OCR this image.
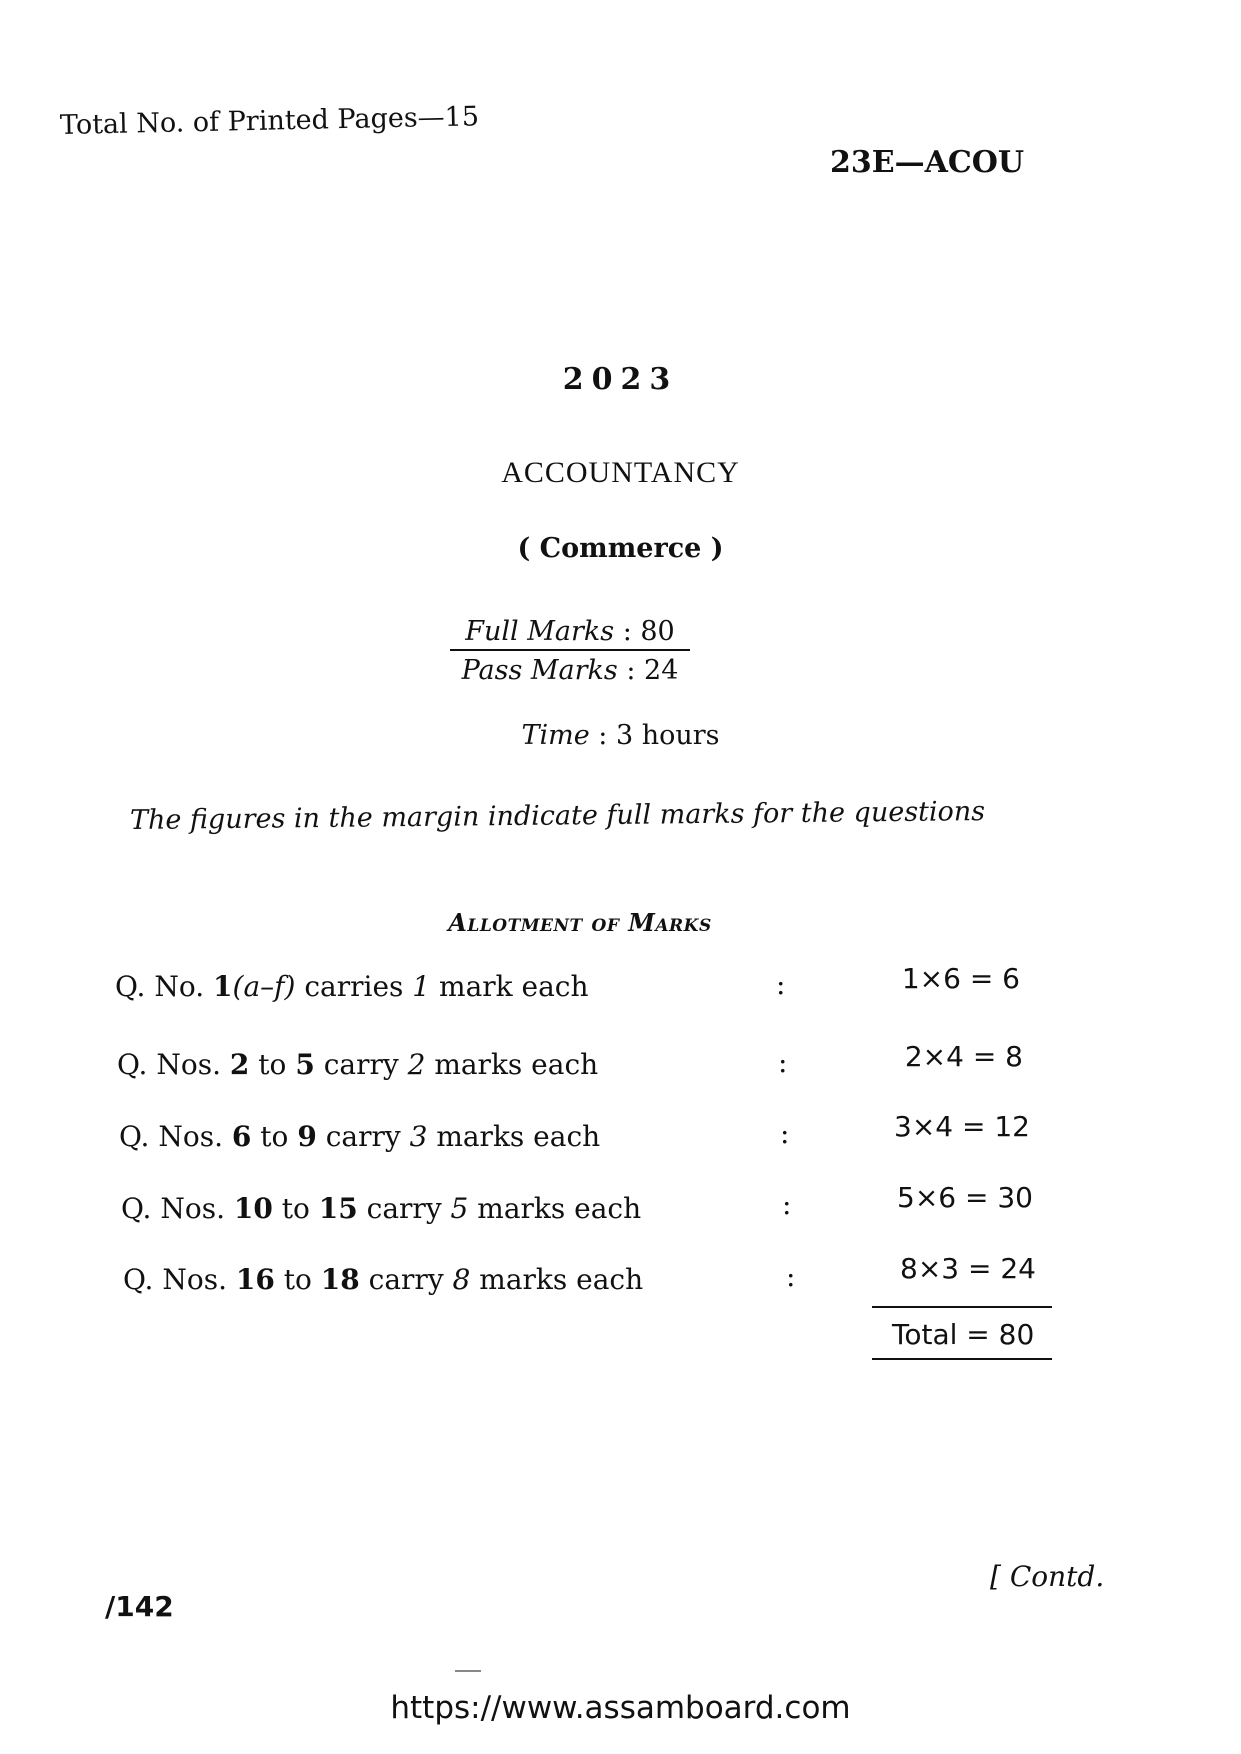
Total No. of Printed Pages—15
23E—ACOU
2023
ACCOUNTANCY
( Commerce )
Full Marks : 80
Pass Marks : 24
Time : 3 hours
The figures in the margin indicate full marks for the questions
Allotment of Marks
Q. No. 1(a–f) carries 1 mark each	:	1×6 = 6
Q. Nos. 2 to 5 carry 2 marks each	:	2×4 = 8
Q. Nos. 6 to 9 carry 3 marks each	:	3×4 = 12
Q. Nos. 10 to 15 carry 5 marks each	:	5×6 = 30
Q. Nos. 16 to 18 carry 8 marks each	:	8×3 = 24
Total = 80
[ Contd.
/142
https://www.assamboard.com
